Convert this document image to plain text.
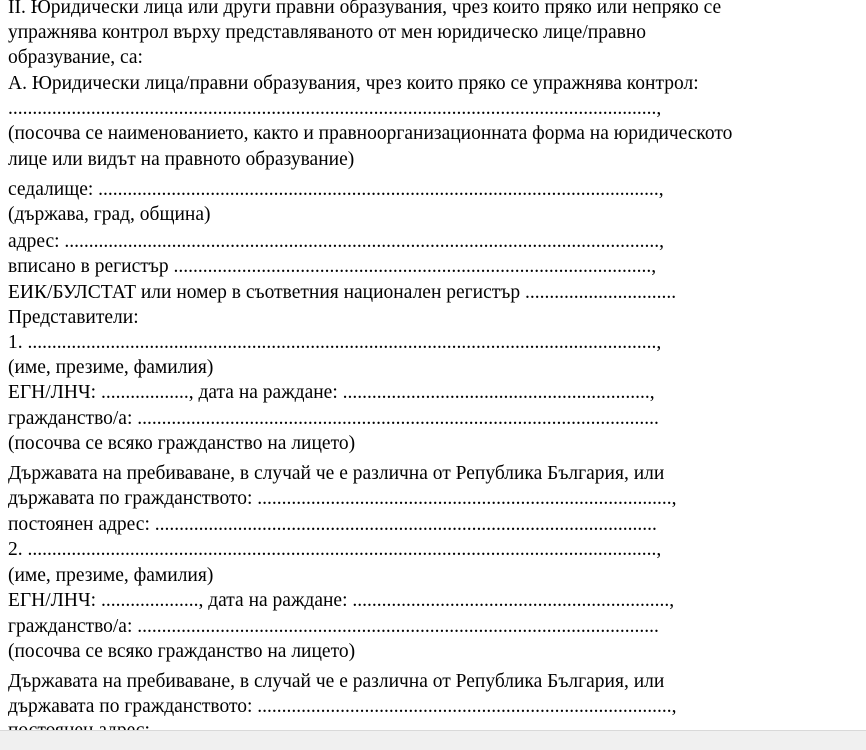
II. Юридически лица или други правни образувания, чрез които пряко или непряко се
упражнява контрол върху представляваното от мен юридическо лице/правно
образувание, са:
А. Юридически лица/правни образувания, чрез които пряко се упражнява контрол:
.....................................................................................................................................,
(посочва се наименованието, както и правноорганизационната форма на юридическото
лице или видът на правното образувание)
седалище: ...................................................................................................................,
(държава, град, община)
адрес: ..........................................................................................................................,
вписано в регистър ..................................................................................................,
ЕИК/БУЛСТАТ или номер в съответния национален регистър ...............................
Представители:
1. .................................................................................................................................,
(име, презиме, фамилия)
ЕГН/ЛНЧ: .................., дата на раждане: ...............................................................,
гражданство/а: ...........................................................................................................
(посочва се всяко гражданство на лицето)
Държавата на пребиваване, в случай че е различна от Република България, или
държавата по гражданството: .....................................................................................,
постоянен адрес: .......................................................................................................
2. .................................................................................................................................,
(име, презиме, фамилия)
ЕГН/ЛНЧ: ...................., дата на раждане: .................................................................,
гражданство/а: ...........................................................................................................
(посочва се всяко гражданство на лицето)
Държавата на пребиваване, в случай че е различна от Република България, или
държавата по гражданството: .....................................................................................,
